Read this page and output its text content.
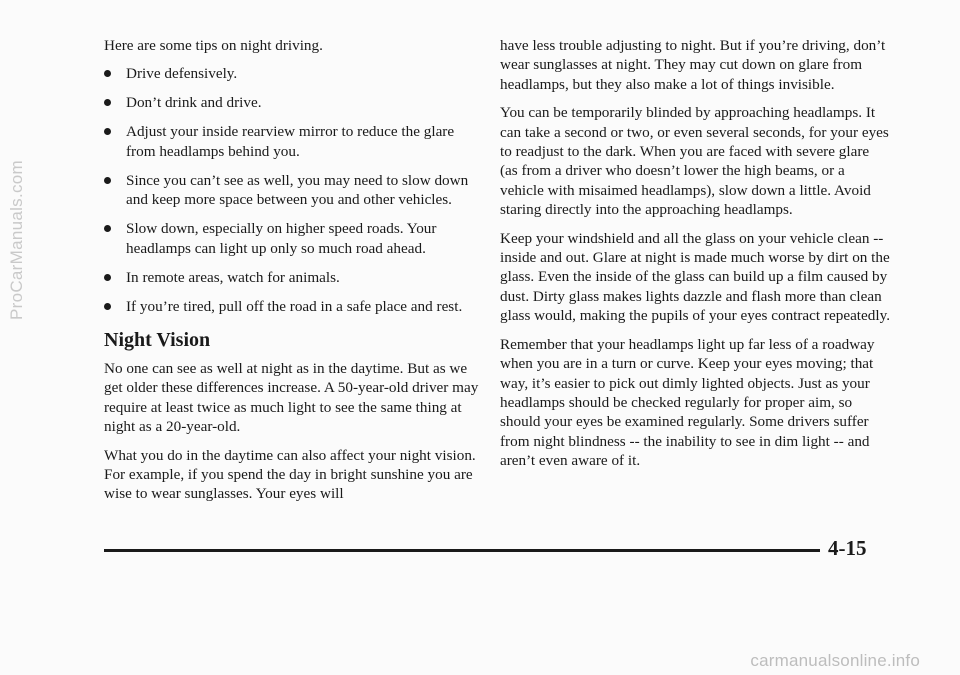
Here are some tips on night driving.

Drive defensively.
Don’t drink and drive.
Adjust your inside rearview mirror to reduce the glare from headlamps behind you.
Since you can’t see as well, you may need to slow down and keep more space between you and other vehicles.
Slow down, especially on higher speed roads. Your headlamps can light up only so much road ahead.
In remote areas, watch for animals.
If you’re tired, pull off the road in a safe place and rest.
Night Vision

No one can see as well at night as in the daytime. But as we get older these differences increase. A 50-year-old driver may require at least twice as much light to see the same thing at night as a 20-year-old.

What you do in the daytime can also affect your night vision. For example, if you spend the day in bright sunshine you are wise to wear sunglasses. Your eyes will

have less trouble adjusting to night. But if you’re driving, don’t wear sunglasses at night. They may cut down on glare from headlamps, but they also make a lot of things invisible.

You can be temporarily blinded by approaching headlamps. It can take a second or two, or even several seconds, for your eyes to readjust to the dark. When you are faced with severe glare (as from a driver who doesn’t lower the high beams, or a vehicle with misaimed headlamps), slow down a little. Avoid staring directly into the approaching headlamps.

Keep your windshield and all the glass on your vehicle clean -- inside and out. Glare at night is made much worse by dirt on the glass. Even the inside of the glass can build up a film caused by dust. Dirty glass makes lights dazzle and flash more than clean glass would, making the pupils of your eyes contract repeatedly.

Remember that your headlamps light up far less of a roadway when you are in a turn or curve. Keep your eyes moving; that way, it’s easier to pick out dimly lighted objects. Just as your headlamps should be checked regularly for proper aim, so should your eyes be examined regularly. Some drivers suffer from night blindness -- the inability to see in dim light -- and aren’t even aware of it.

4-15
ProCarManuals.com
carmanualsonline.info
